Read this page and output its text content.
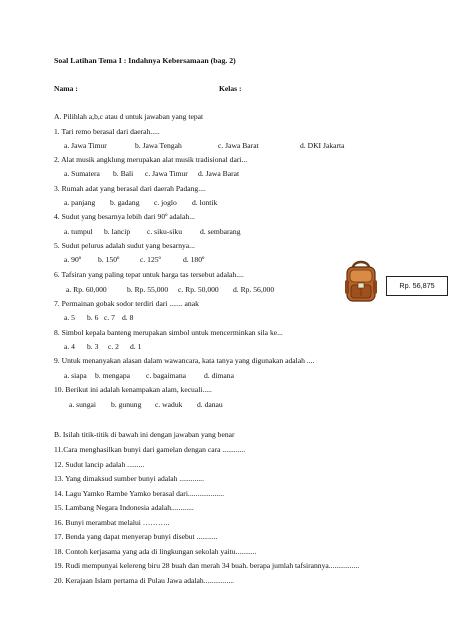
Soal Latihan Tema I : Indahnya Kebersamaan (bag. 2)
Nama :	Kelas :
A. Pilihlah a,b,c atau d untuk jawaban yang tepat
1. Tari remo berasal dari daerah.....
a. Jawa Timur	b. Jawa Tengah	c. Jawa Barat	d. DKI Jakarta
2. Alat musik angklung merupakan alat musik tradisional dari...
a. Sumatera b. Bali c. Jawa Timur d. Jawa Barat
3. Rumah adat yang berasal dari daerah Padang....
a. panjang b. gadang c. joglo d. lontik
4. Sudut yang besarnya lebih dari 90º adalah...
a. tumpul b. lancip c. siku-siku d. sembarang
5. Sudut pelurus adalah sudut yang besarnya...
a. 90º b. 150º	c. 125º	d. 180º
6. Tafsiran yang paling tepat untuk harga tas tersebut adalah....
a. Rp. 60,000	b. Rp. 55,000 c. Rp. 50,000 d. Rp. 56,000
7. Permainan gobak sodor terdiri dari ....... anak
a. 5 b. 6 c. 7 d. 8
8. Simbol kepala banteng merupakan simbol untuk mencerminkan sila ke...
a. 4 b. 3 c. 2 d. 1
9. Untuk menanyakan alasan dalam wawancara, kata tanya yang digunakan adalah ....
a. siapa b. mengapa c. bagaimana d. dimana
10. Berikut ini adalah kenampakan alam, kecuali.....
a. sungai b. gunung c. waduk d. danau
Rp. 56,875
B. Isilah titik-titik di bawah ini dengan jawaban yang benar
11.Cara menghasilkan bunyi dari gamelan dengan cara ............
12. Sudut lancip adalah .........
13. Yang dimaksud sumber bunyi adalah .............
14. Lagu Yamko Rambe Yamko berasal dari...................
15. Lambang Negara Indonesia adalah............
16. Bunyi merambat melalui ………..
17. Benda yang dapat menyerap bunyi disebut ...........
18. Contoh kerjasama yang ada di lingkungan sekolah yaitu...........
19. Rudi mempunyai kelereng biru 28 buah dan merah 34 buah. berapa jumlah tafsirannya................
20. Kerajaan Islam pertama di Pulau Jawa adalah................
